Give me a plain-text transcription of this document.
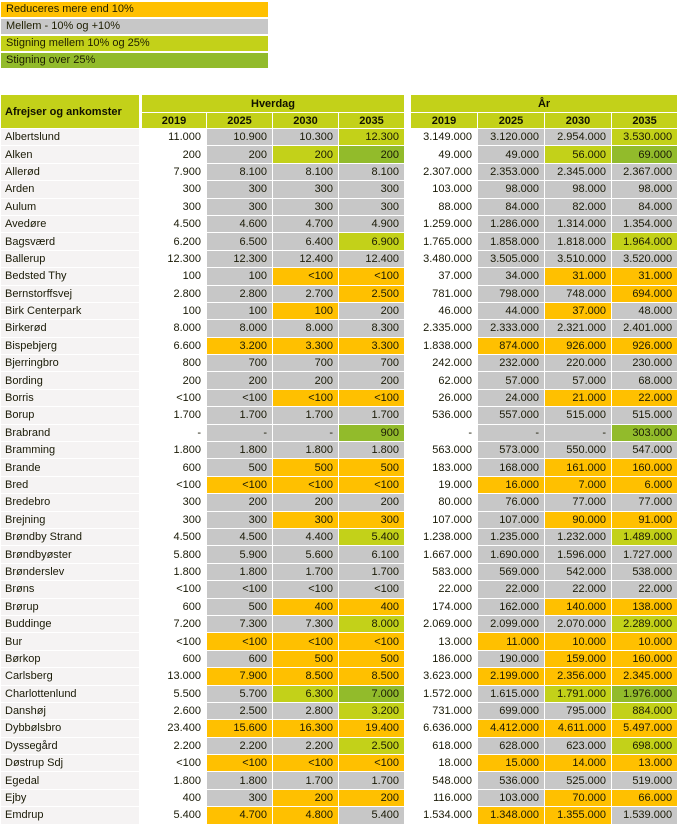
Reduceres mere end 10%
Mellem - 10% og +10%
Stigning mellem 10% og 25%
Stigning over 25%
Afrejser og ankomster	Hverdag					År			
	2019	2025	2030	2035		2019	2025	2030	2035
Albertslund	11.000	10.900	10.300	12.300		3.149.000	3.120.000	2.954.000	3.530.000
Alken	200	200	200	200		49.000	49.000	56.000	69.000
Allerød	7.900	8.100	8.100	8.100		2.307.000	2.353.000	2.345.000	2.367.000
Arden	300	300	300	300		103.000	98.000	98.000	98.000
Aulum	300	300	300	300		88.000	84.000	82.000	84.000
Avedøre	4.500	4.600	4.700	4.900		1.259.000	1.286.000	1.314.000	1.354.000
Bagsværd	6.200	6.500	6.400	6.900		1.765.000	1.858.000	1.818.000	1.964.000
Ballerup	12.300	12.300	12.400	12.400		3.480.000	3.505.000	3.510.000	3.520.000
Bedsted Thy	100	100	<100	<100		37.000	34.000	31.000	31.000
Bernstorffsvej	2.800	2.800	2.700	2.500		781.000	798.000	748.000	694.000
Birk Centerpark	100	100	100	200		46.000	44.000	37.000	48.000
Birkerød	8.000	8.000	8.000	8.300		2.335.000	2.333.000	2.321.000	2.401.000
Bispebjerg	6.600	3.200	3.300	3.300		1.838.000	874.000	926.000	926.000
Bjerringbro	800	700	700	700		242.000	232.000	220.000	230.000
Bording	200	200	200	200		62.000	57.000	57.000	68.000
Borris	<100	<100	<100	<100		26.000	24.000	21.000	22.000
Borup	1.700	1.700	1.700	1.700		536.000	557.000	515.000	515.000
Brabrand	-	-	-	900		-	-	-	303.000
Bramming	1.800	1.800	1.800	1.800		563.000	573.000	550.000	547.000
Brande	600	500	500	500		183.000	168.000	161.000	160.000
Bred	<100	<100	<100	<100		19.000	16.000	7.000	6.000
Bredebro	300	200	200	200		80.000	76.000	77.000	77.000
Brejning	300	300	300	300		107.000	107.000	90.000	91.000
Brøndby Strand	4.500	4.500	4.400	5.400		1.238.000	1.235.000	1.232.000	1.489.000
Brøndbyøster	5.800	5.900	5.600	6.100		1.667.000	1.690.000	1.596.000	1.727.000
Brønderslev	1.800	1.800	1.700	1.700		583.000	569.000	542.000	538.000
Brøns	<100	<100	<100	<100		22.000	22.000	22.000	22.000
Brørup	600	500	400	400		174.000	162.000	140.000	138.000
Buddinge	7.200	7.300	7.300	8.000		2.069.000	2.099.000	2.070.000	2.289.000
Bur	<100	<100	<100	<100		13.000	11.000	10.000	10.000
Børkop	600	600	500	500		186.000	190.000	159.000	160.000
Carlsberg	13.000	7.900	8.500	8.500		3.623.000	2.199.000	2.356.000	2.345.000
Charlottenlund	5.500	5.700	6.300	7.000		1.572.000	1.615.000	1.791.000	1.976.000
Danshøj	2.600	2.500	2.800	3.200		731.000	699.000	795.000	884.000
Dybbølsbro	23.400	15.600	16.300	19.400		6.636.000	4.412.000	4.611.000	5.497.000
Dyssegård	2.200	2.200	2.200	2.500		618.000	628.000	623.000	698.000
Døstrup Sdj	<100	<100	<100	<100		18.000	15.000	14.000	13.000
Egedal	1.800	1.800	1.700	1.700		548.000	536.000	525.000	519.000
Ejby	400	300	200	200		116.000	103.000	70.000	66.000
Emdrup	5.400	4.700	4.800	5.400		1.534.000	1.348.000	1.355.000	1.539.000
